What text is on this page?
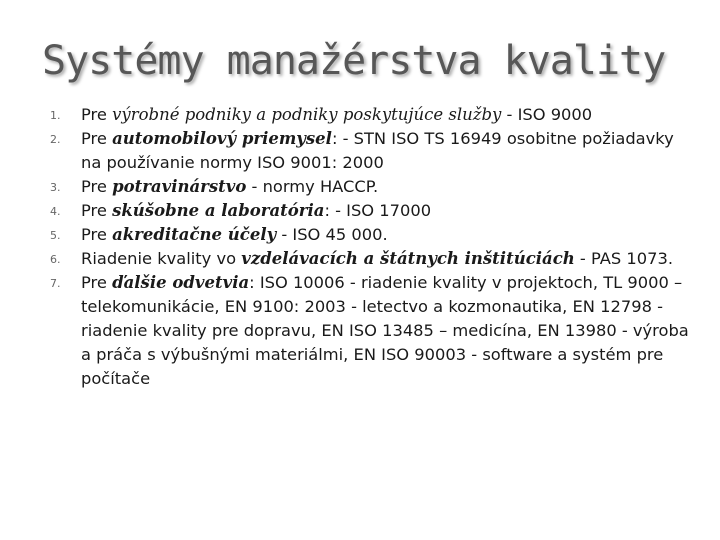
Systémy manažérstva kvality
1. Pre výrobné podniky a podniky poskytujúce služby - ISO 9000
2. Pre automobilový priemysel: - STN ISO TS 16949 osobitne požiadavky na používanie normy ISO 9001: 2000
3. Pre potravinárstvo - normy HACCP.
4. Pre skúšobne a laboratória: - ISO 17000
5. Pre akreditačne účely - ISO 45 000.
6. Riadenie kvality vo vzdelávacích a štátnych inštitúciách - PAS 1073.
7. Pre ďalšie odvetvia: ISO 10006 - riadenie kvality v projektoch, TL 9000 – telekomunikácie, EN 9100: 2003 - letectvo a kozmonautika, EN 12798 - riadenie kvality pre dopravu, EN ISO 13485 – medicína, EN 13980 - výroba a práča s výbušnými materiálmi, EN ISO 90003 - software a systém pre počítače
